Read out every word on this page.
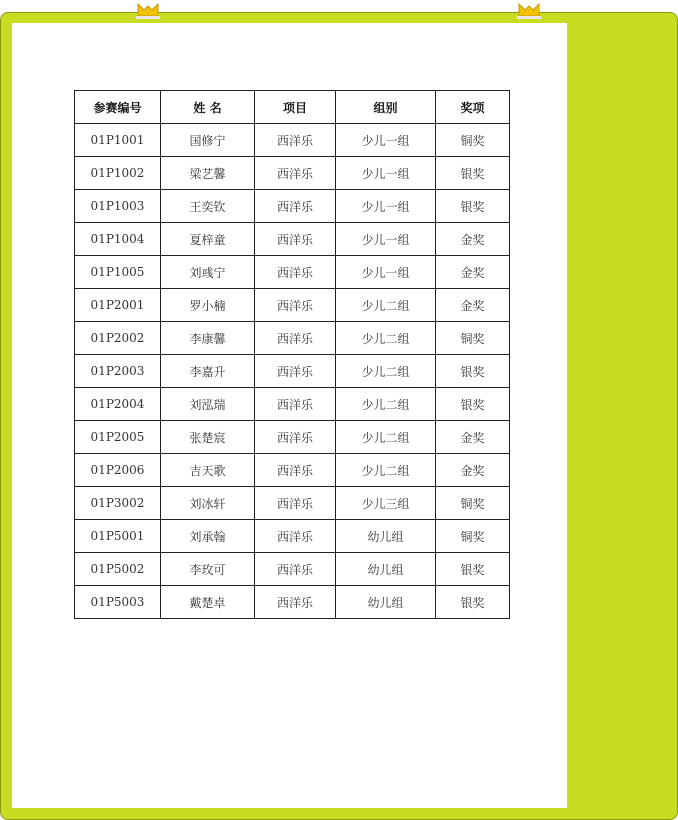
参赛编号	姓 名	项目	组别	奖项
01P1001	国修宁	西洋乐	少儿一组	铜奖
01P1002	梁艺馨	西洋乐	少儿一组	银奖
01P1003	王奕钦	西洋乐	少儿一组	银奖
01P1004	夏梓童	西洋乐	少儿一组	金奖
01P1005	刘彧宁	西洋乐	少儿一组	金奖
01P2001	罗小楠	西洋乐	少儿二组	金奖
01P2002	李康馨	西洋乐	少儿二组	铜奖
01P2003	李嘉升	西洋乐	少儿二组	银奖
01P2004	刘泓瑞	西洋乐	少儿二组	银奖
01P2005	张楚宸	西洋乐	少儿二组	金奖
01P2006	吉天歌	西洋乐	少儿二组	金奖
01P3002	刘冰轩	西洋乐	少儿三组	铜奖
01P5001	刘承翰	西洋乐	幼儿组	铜奖
01P5002	李玫可	西洋乐	幼儿组	银奖
01P5003	戴楚卓	西洋乐	幼儿组	银奖
